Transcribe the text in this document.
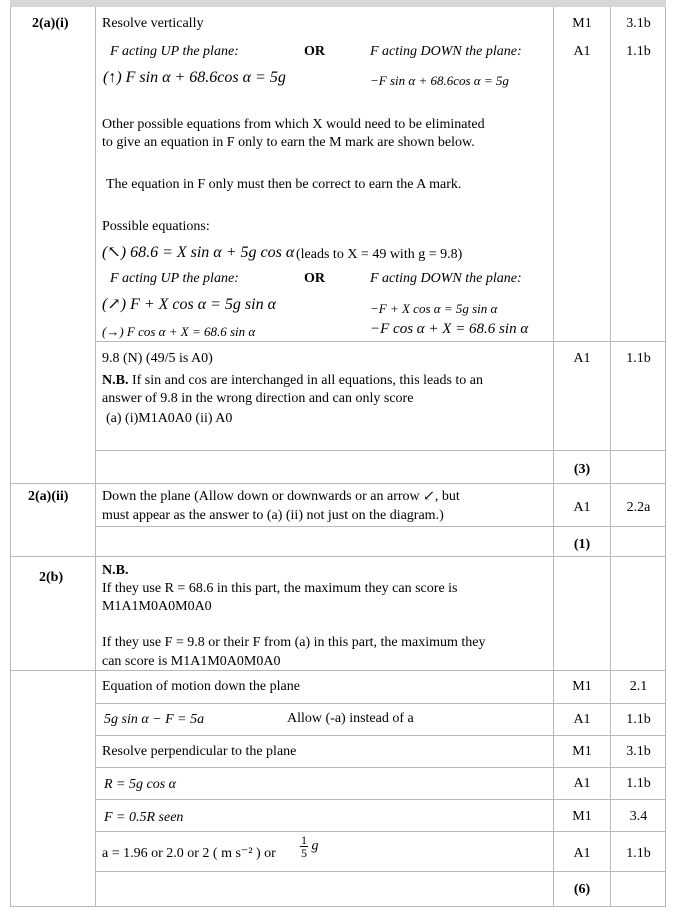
2(a)(i) Resolve vertically	M1	3.1b
F acting UP the plane:	OR	F acting DOWN the plane:	A1	1.1b
(↑) F sin α + 68.6cos α = 5g	−F sin α + 68.6cos α = 5g
Other possible equations from which X would need to be eliminated
to give an equation in F only to earn the M mark are shown below.
The equation in F only must then be correct to earn the A mark.
Possible equations:
(↖) 68.6 = X sin α + 5g cos α (leads to X = 49 with g = 9.8)
F acting UP the plane:	OR	F acting DOWN the plane:
(↗) F + X cos α = 5g sin α	−F + X cos α = 5g sin α
(→) F cos α + X = 68.6 sin α	−F cos α + X = 68.6 sin α
9.8 (N) (49/5 is A0)	A1	1.1b
N.B. If sin and cos are interchanged in all equations, this leads to an
answer of 9.8 in the wrong direction and can only score
(a) (i)M1A0A0 (ii) A0
(3)
2(a)(ii) Down the plane (Allow down or downwards or an arrow ↙, but
must appear as the answer to (a) (ii) not just on the diagram.)
A1	2.2a
(1)
2(b)	N.B.
If they use R = 68.6 in this part, the maximum they can score is
M1A1M0A0M0A0
If they use F = 9.8 or their F from (a) in this part, the maximum they
can score is M1A1M0A0M0A0
Equation of motion down the plane	M1	2.1
5g sin α − F = 5a	Allow (-a) instead of a	A1	1.1b
Resolve perpendicular to the plane	M1	3.1b
R = 5g cos α	A1	1.1b
F = 0.5R seen	M1	3.4
a = 1.96 or 2.0 or 2 ( m s⁻² ) or $\frac{1}{5}$ g	A1	1.1b
(6)
